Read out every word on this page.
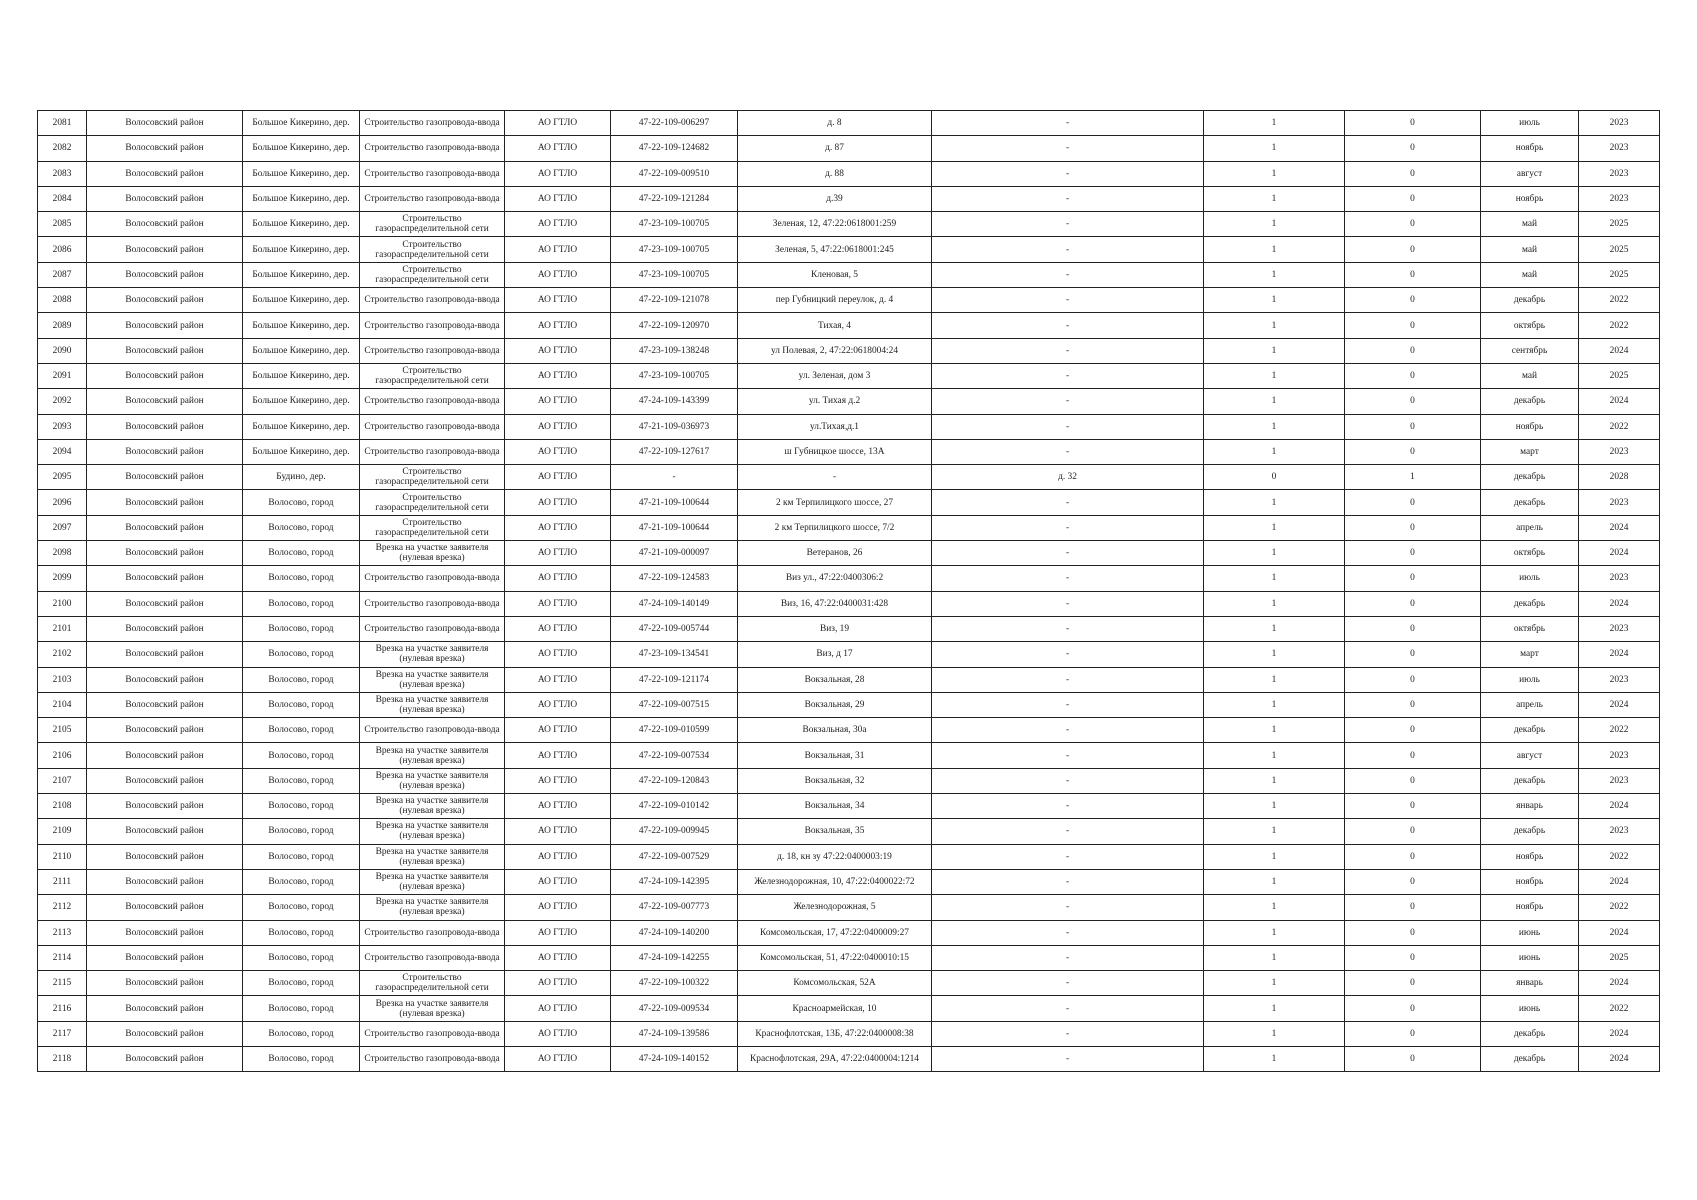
2081	Волосовский район	Большое Кикерино, дер.	Строительство газопровода-ввода	АО ГТЛО	47-22-109-006297	д. 8	-	1	0	июль	2023
2082	Волосовский район	Большое Кикерино, дер.	Строительство газопровода-ввода	АО ГТЛО	47-22-109-124682	д. 87	-	1	0	ноябрь	2023
2083	Волосовский район	Большое Кикерино, дер.	Строительство газопровода-ввода	АО ГТЛО	47-22-109-009510	д. 88	-	1	0	август	2023
2084	Волосовский район	Большое Кикерино, дер.	Строительство газопровода-ввода	АО ГТЛО	47-22-109-121284	д.39	-	1	0	ноябрь	2023
2085	Волосовский район	Большое Кикерино, дер.	Строительство газораспределительной сети	АО ГТЛО	47-23-109-100705	Зеленая, 12, 47:22:0618001:259	-	1	0	май	2025
2086	Волосовский район	Большое Кикерино, дер.	Строительство газораспределительной сети	АО ГТЛО	47-23-109-100705	Зеленая, 5, 47:22:0618001:245	-	1	0	май	2025
2087	Волосовский район	Большое Кикерино, дер.	Строительство газораспределительной сети	АО ГТЛО	47-23-109-100705	Кленовая, 5	-	1	0	май	2025
2088	Волосовский район	Большое Кикерино, дер.	Строительство газопровода-ввода	АО ГТЛО	47-22-109-121078	пер Губницкий переулок, д. 4	-	1	0	декабрь	2022
2089	Волосовский район	Большое Кикерино, дер.	Строительство газопровода-ввода	АО ГТЛО	47-22-109-120970	Тихая, 4	-	1	0	октябрь	2022
2090	Волосовский район	Большое Кикерино, дер.	Строительство газопровода-ввода	АО ГТЛО	47-23-109-138248	ул Полевая, 2, 47:22:0618004:24	-	1	0	сентябрь	2024
2091	Волосовский район	Большое Кикерино, дер.	Строительство газораспределительной сети	АО ГТЛО	47-23-109-100705	ул. Зеленая, дом 3	-	1	0	май	2025
2092	Волосовский район	Большое Кикерино, дер.	Строительство газопровода-ввода	АО ГТЛО	47-24-109-143399	ул. Тихая д.2	-	1	0	декабрь	2024
2093	Волосовский район	Большое Кикерино, дер.	Строительство газопровода-ввода	АО ГТЛО	47-21-109-036973	ул.Тихая,д.1	-	1	0	ноябрь	2022
2094	Волосовский район	Большое Кикерино, дер.	Строительство газопровода-ввода	АО ГТЛО	47-22-109-127617	ш Губницкое шоссе, 13А	-	1	0	март	2023
2095	Волосовский район	Будино, дер.	Строительство газораспределительной сети	АО ГТЛО	-	-	д. 32	0	1	декабрь	2028
2096	Волосовский район	Волосово, город	Строительство газораспределительной сети	АО ГТЛО	47-21-109-100644	2 км Терпилицкого шоссе, 27	-	1	0	декабрь	2023
2097	Волосовский район	Волосово, город	Строительство газораспределительной сети	АО ГТЛО	47-21-109-100644	2 км Терпилицкого шоссе, 7/2	-	1	0	апрель	2024
2098	Волосовский район	Волосово, город	Врезка на участке заявителя (нулевая врезка)	АО ГТЛО	47-21-109-000097	Ветеранов, 26	-	1	0	октябрь	2024
2099	Волосовский район	Волосово, город	Строительство газопровода-ввода	АО ГТЛО	47-22-109-124583	Виз ул., 47:22:0400306:2	-	1	0	июль	2023
2100	Волосовский район	Волосово, город	Строительство газопровода-ввода	АО ГТЛО	47-24-109-140149	Виз, 16, 47:22:0400031:428	-	1	0	декабрь	2024
2101	Волосовский район	Волосово, город	Строительство газопровода-ввода	АО ГТЛО	47-22-109-005744	Виз, 19	-	1	0	октябрь	2023
2102	Волосовский район	Волосово, город	Врезка на участке заявителя (нулевая врезка)	АО ГТЛО	47-23-109-134541	Виз, д 17	-	1	0	март	2024
2103	Волосовский район	Волосово, город	Врезка на участке заявителя (нулевая врезка)	АО ГТЛО	47-22-109-121174	Вокзальная, 28	-	1	0	июль	2023
2104	Волосовский район	Волосово, город	Врезка на участке заявителя (нулевая врезка)	АО ГТЛО	47-22-109-007515	Вокзальная, 29	-	1	0	апрель	2024
2105	Волосовский район	Волосово, город	Строительство газопровода-ввода	АО ГТЛО	47-22-109-010599	Вокзальная, 30а	-	1	0	декабрь	2022
2106	Волосовский район	Волосово, город	Врезка на участке заявителя (нулевая врезка)	АО ГТЛО	47-22-109-007534	Вокзальная, 31	-	1	0	август	2023
2107	Волосовский район	Волосово, город	Врезка на участке заявителя (нулевая врезка)	АО ГТЛО	47-22-109-120843	Вокзальная, 32	-	1	0	декабрь	2023
2108	Волосовский район	Волосово, город	Врезка на участке заявителя (нулевая врезка)	АО ГТЛО	47-22-109-010142	Вокзальная, 34	-	1	0	январь	2024
2109	Волосовский район	Волосово, город	Врезка на участке заявителя (нулевая врезка)	АО ГТЛО	47-22-109-009945	Вокзальная, 35	-	1	0	декабрь	2023
2110	Волосовский район	Волосово, город	Врезка на участке заявителя (нулевая врезка)	АО ГТЛО	47-22-109-007529	д. 18, кн зу 47:22:0400003:19	-	1	0	ноябрь	2022
2111	Волосовский район	Волосово, город	Врезка на участке заявителя (нулевая врезка)	АО ГТЛО	47-24-109-142395	Железнодорожная, 10, 47:22:0400022:72	-	1	0	ноябрь	2024
2112	Волосовский район	Волосово, город	Врезка на участке заявителя (нулевая врезка)	АО ГТЛО	47-22-109-007773	Железнодорожная, 5	-	1	0	ноябрь	2022
2113	Волосовский район	Волосово, город	Строительство газопровода-ввода	АО ГТЛО	47-24-109-140200	Комсомольская, 17, 47:22:0400009:27	-	1	0	июнь	2024
2114	Волосовский район	Волосово, город	Строительство газопровода-ввода	АО ГТЛО	47-24-109-142255	Комсомольская, 51, 47:22:0400010:15	-	1	0	июнь	2025
2115	Волосовский район	Волосово, город	Строительство газораспределительной сети	АО ГТЛО	47-22-109-100322	Комсомольская, 52А	-	1	0	январь	2024
2116	Волосовский район	Волосово, город	Врезка на участке заявителя (нулевая врезка)	АО ГТЛО	47-22-109-009534	Красноармейская, 10	-	1	0	июнь	2022
2117	Волосовский район	Волосово, город	Строительство газопровода-ввода	АО ГТЛО	47-24-109-139586	Краснофлотская, 13Б, 47:22:0400008:38	-	1	0	декабрь	2024
2118	Волосовский район	Волосово, город	Строительство газопровода-ввода	АО ГТЛО	47-24-109-140152	Краснофлотская, 29А, 47:22:0400004:1214	-	1	0	декабрь	2024
